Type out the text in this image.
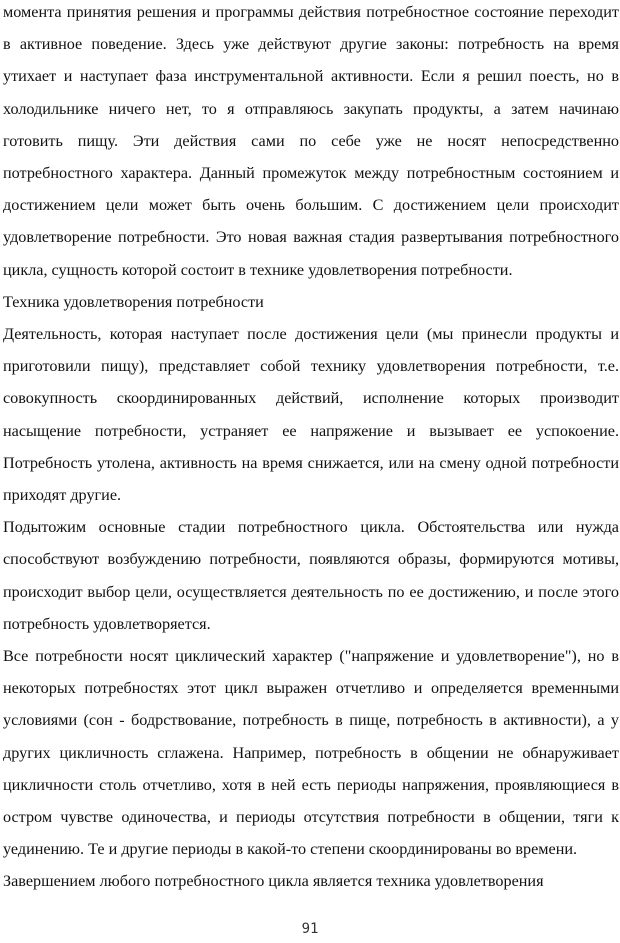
момента принятия решения и программы действия потребностное состояние переходит в активное поведение. Здесь уже действуют другие законы: потребность на время утихает и наступает фаза инструментальной активности. Если я решил поесть, но в холодильнике ничего нет, то я отправляюсь закупать продукты, а затем начинаю готовить пищу. Эти действия сами по себе уже не носят непосредственно потребностного характера. Данный промежуток между потребностным состоянием и достижением цели может быть очень большим. С достижением цели происходит удовлетворение потребности. Это новая важная стадия развертывания потребностного цикла, сущность которой состоит в технике удовлетворения потребности.

Техника удовлетворения потребности

Деятельность, которая наступает после достижения цели (мы принесли продукты и приготовили пищу), представляет собой технику удовлетворения потребности, т.е. совокупность скоординированных действий, исполнение которых производит насыщение потребности, устраняет ее напряжение и вызывает ее успокоение. Потребность утолена, активность на время снижается, или на смену одной потребности приходят другие.

Подытожим основные стадии потребностного цикла. Обстоятельства или нужда способствуют возбуждению потребности, появляются образы, формируются мотивы, происходит выбор цели, осуществляется деятельность по ее достижению, и после этого потребность удовлетворяется.

Все потребности носят циклический характер ("напряжение и удовлетворение"), но в некоторых потребностях этот цикл выражен отчетливо и определяется временными условиями (сон - бодрствование, потребность в пище, потребность в активности), а у других цикличность сглажена. Например, потребность в общении не обнаруживает цикличности столь отчетливо, хотя в ней есть периоды напряжения, проявляющиеся в остром чувстве одиночества, и периоды отсутствия потребности в общении, тяги к уединению. Те и другие периоды в какой-то степени скоординированы во времени.

Завершением любого потребностного цикла является техника удовлетворения

91
